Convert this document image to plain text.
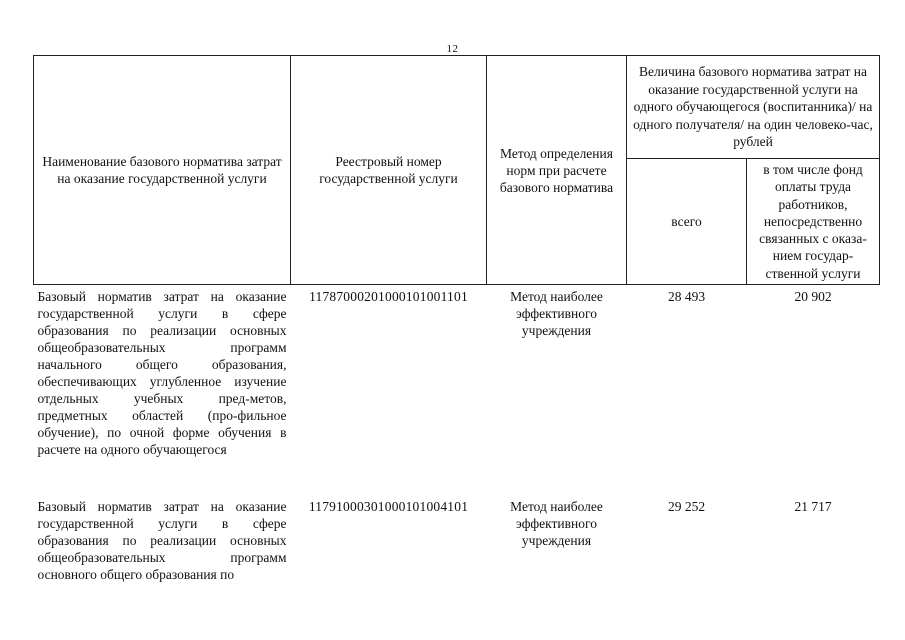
12
Наименование базового норматива затрат на оказание государственной услуги	Реестровый номер государственной услуги	Метод определения норм при расчете базового норматива	Величина базового норматива затрат на оказание государственной услуги на одного обучающегося (воспитанника)/ на одного получателя/ на один человеко-час, рублей	
			всего	в том числе фонд оплаты труда работников, непосредственно связанных с оказа-нием государ-ственной услуги
Базовый норматив затрат на оказание государственной услуги в сфере образования по реализации основных общеобразовательных программ начального общего образования, обеспечивающих углубленное изучение отдельных учебных пред-метов, предметных областей (про-фильное обучение), по очной форме обучения в расчете на одного обучающегося	11787000201000101001101	Метод наиболее эффективного учреждения	28 493	20 902
Базовый норматив затрат на оказание государственной услуги в сфере образования по реализации основных общеобразовательных программ основного общего образования по	11791000301000101004101	Метод наиболее эффективного учреждения	29 252	21 717
